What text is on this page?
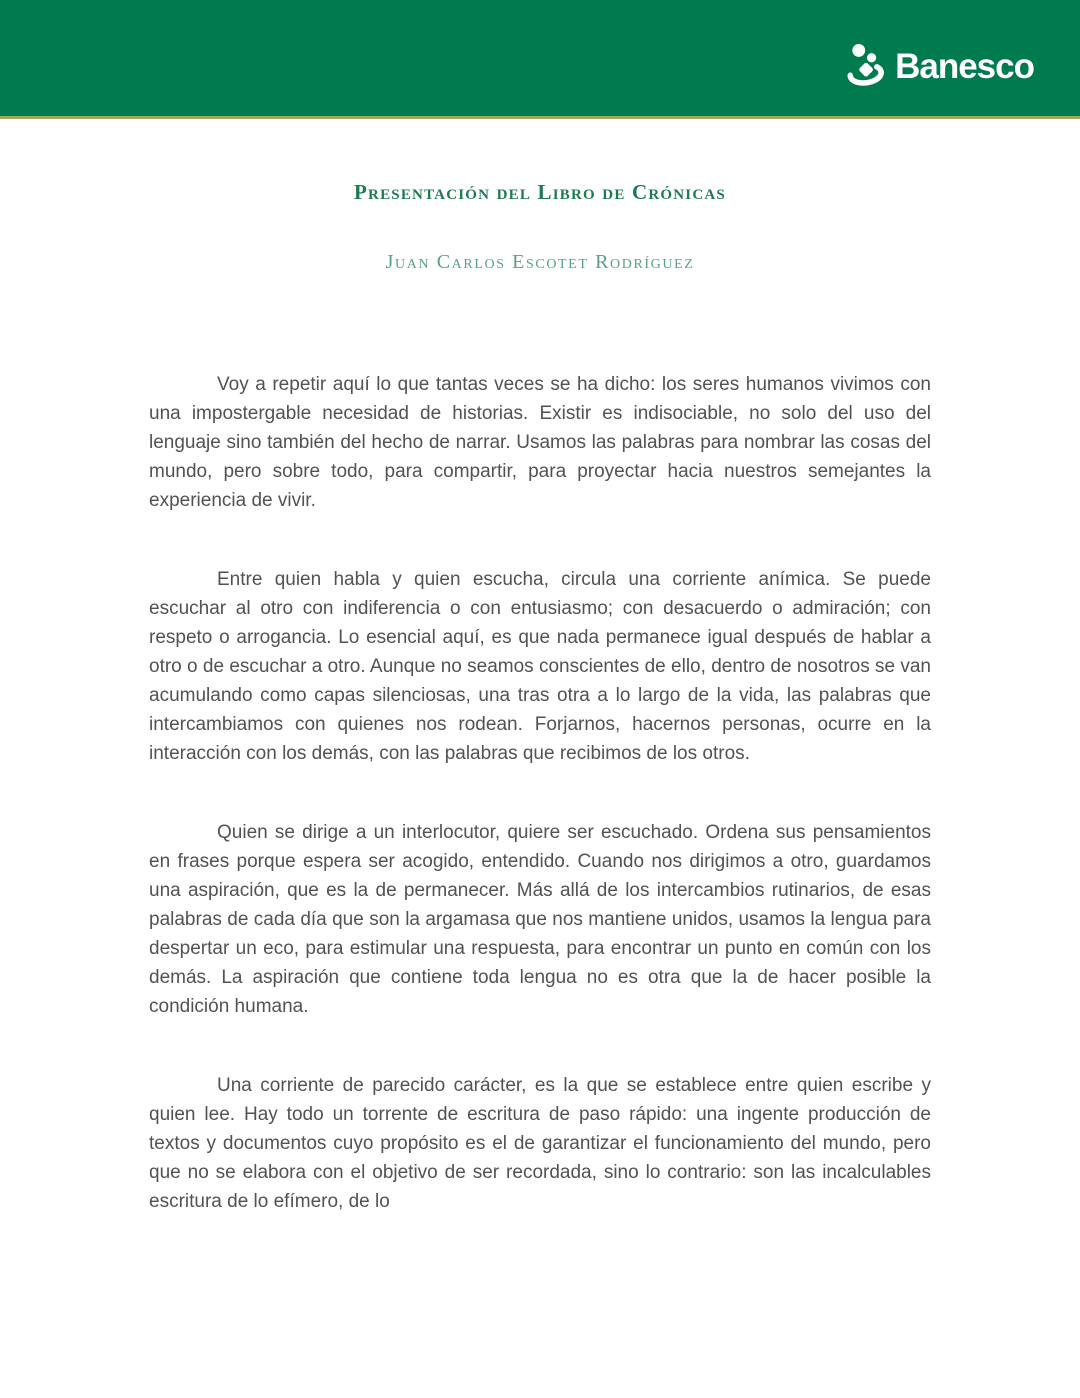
Banesco
Presentación del Libro de Crónicas
Juan Carlos Escotet Rodríguez

Voy a repetir aquí lo que tantas veces se ha dicho: los seres humanos vivimos con una impostergable necesidad de historias. Existir es indisociable, no solo del uso del lenguaje sino también del hecho de narrar. Usamos las palabras para nombrar las cosas del mundo, pero sobre todo, para compartir, para proyectar hacia nuestros semejantes la experiencia de vivir.

Entre quien habla y quien escucha, circula una corriente anímica. Se puede escuchar al otro con indiferencia o con entusiasmo; con desacuerdo o admiración; con respeto o arrogancia. Lo esencial aquí, es que nada permanece igual después de hablar a otro o de escuchar a otro. Aunque no seamos conscientes de ello, dentro de nosotros se van acumulando como capas silenciosas, una tras otra a lo largo de la vida, las palabras que intercambiamos con quienes nos rodean. Forjarnos, hacernos personas, ocurre en la interacción con los demás, con las palabras que recibimos de los otros.

Quien se dirige a un interlocutor, quiere ser escuchado. Ordena sus pensamientos en frases porque espera ser acogido, entendido. Cuando nos dirigimos a otro, guardamos una aspiración, que es la de permanecer. Más allá de los intercambios rutinarios, de esas palabras de cada día que son la argamasa que nos mantiene unidos, usamos la lengua para despertar un eco, para estimular una respuesta, para encontrar un punto en común con los demás. La aspiración que contiene toda lengua no es otra que la de hacer posible la condición humana.

Una corriente de parecido carácter, es la que se establece entre quien escribe y quien lee. Hay todo un torrente de escritura de paso rápido: una ingente producción de textos y documentos cuyo propósito es el de garantizar el funcionamiento del mundo, pero que no se elabora con el objetivo de ser recordada, sino lo contrario: son las incalculables escritura de lo efímero, de lo
